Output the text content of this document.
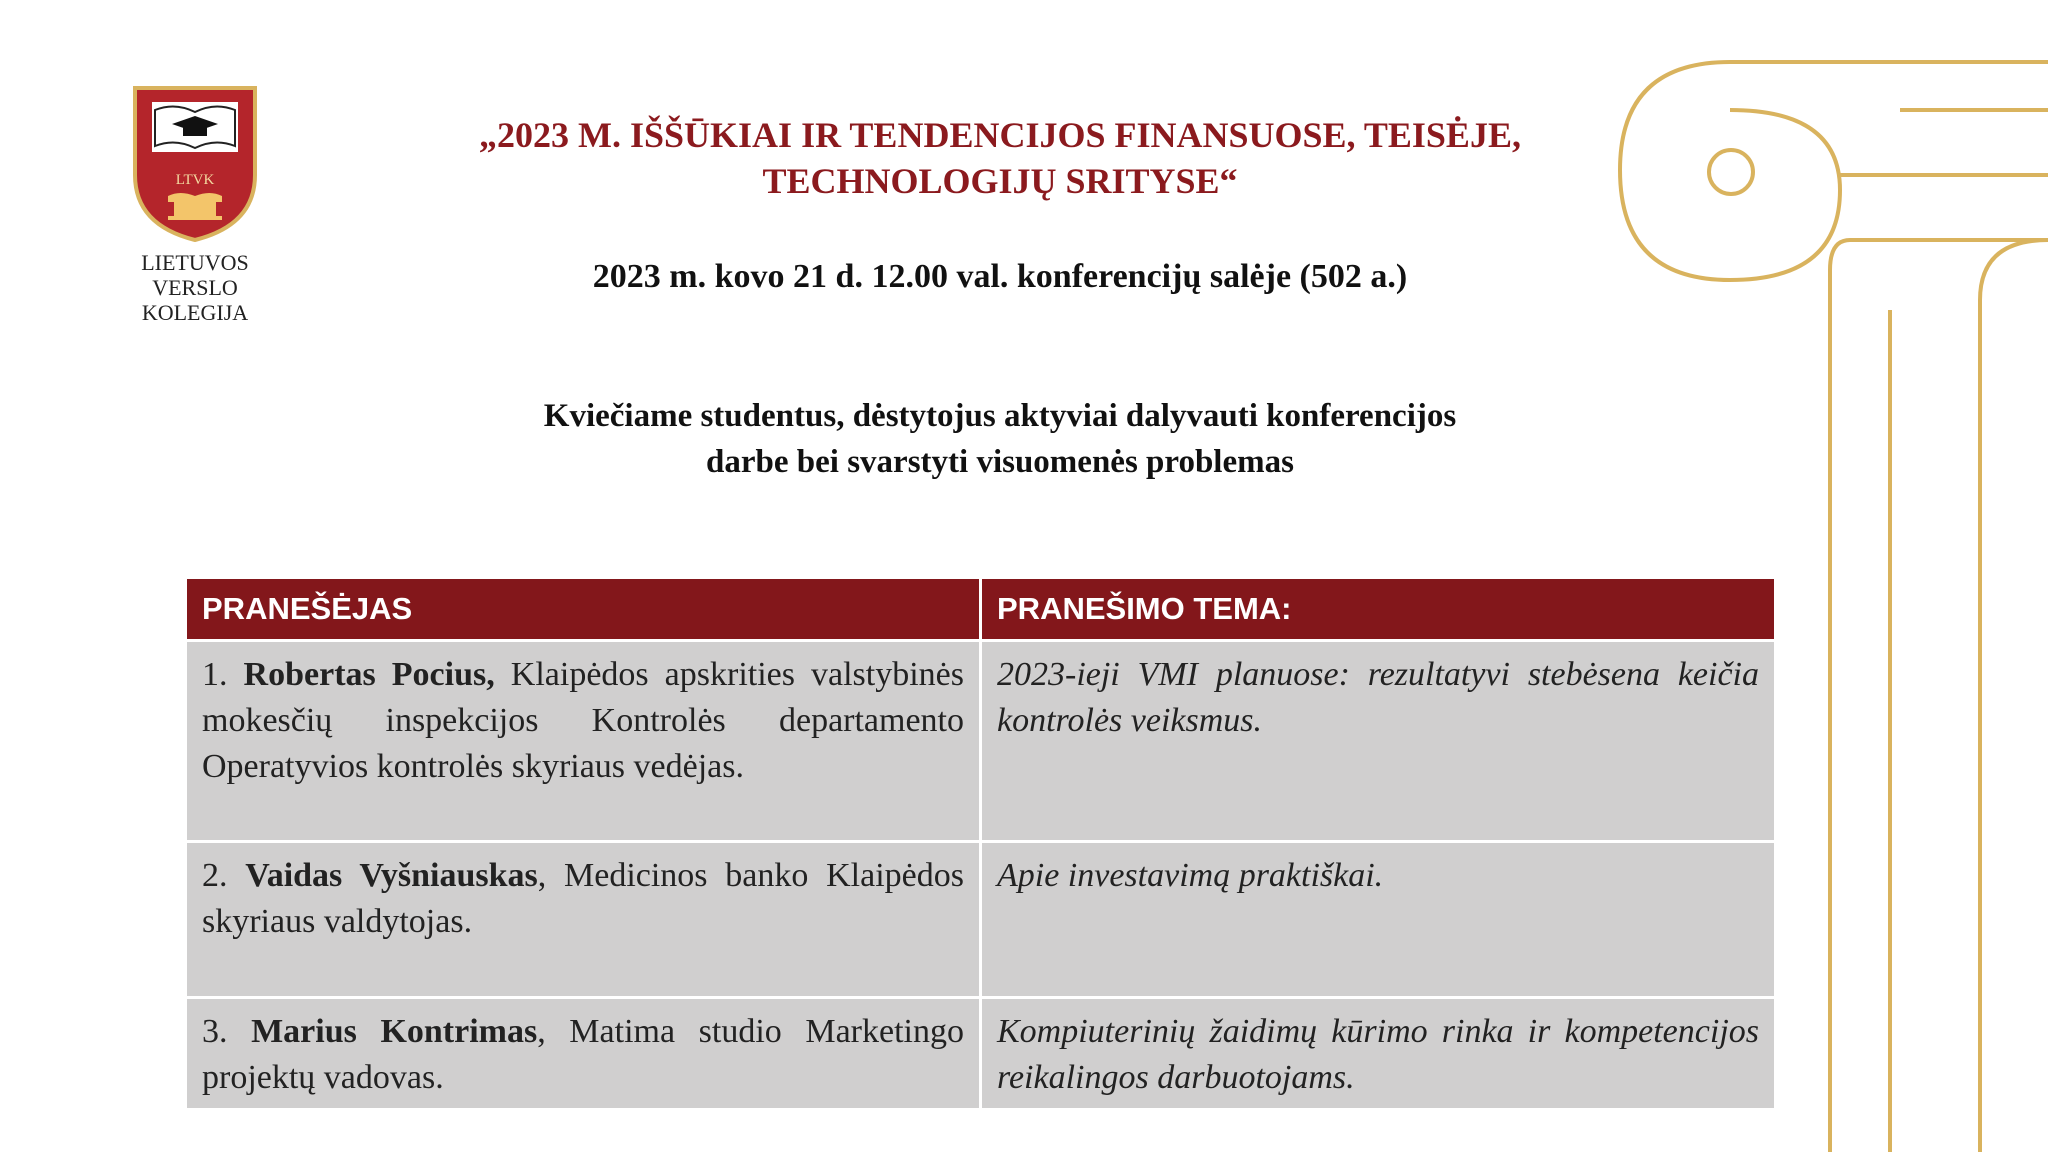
LTVK
LIETUVOS
VERSLO
KOLEGIJA
„2023 M. IŠŠŪKIAI IR TENDENCIJOS FINANSUOSE, TEISĖJE,
TECHNOLOGIJŲ SRITYSE“
2023 m. kovo 21 d. 12.00 val. konferencijų salėje (502 a.)
Kviečiame studentus, dėstytojus aktyviai dalyvauti konferencijos
darbe bei svarstyti visuomenės problemas
PRANEŠĖJAS	PRANEŠIMO TEMA:
1. Robertas Pocius, Klaipėdos apskrities valstybinės mokesčių inspekcijos Kontrolės departamento Operatyvios kontrolės skyriaus vedėjas.	2023-ieji VMI planuose: rezultatyvi stebėsena keičia kontrolės veiksmus.
2. Vaidas Vyšniauskas, Medicinos banko Klaipėdos skyriaus valdytojas.	Apie investavimą praktiškai.
3. Marius Kontrimas, Matima studio Marketingo projektų vadovas.	Kompiuterinių žaidimų kūrimo rinka ir kompetencijos reikalingos darbuotojams.
